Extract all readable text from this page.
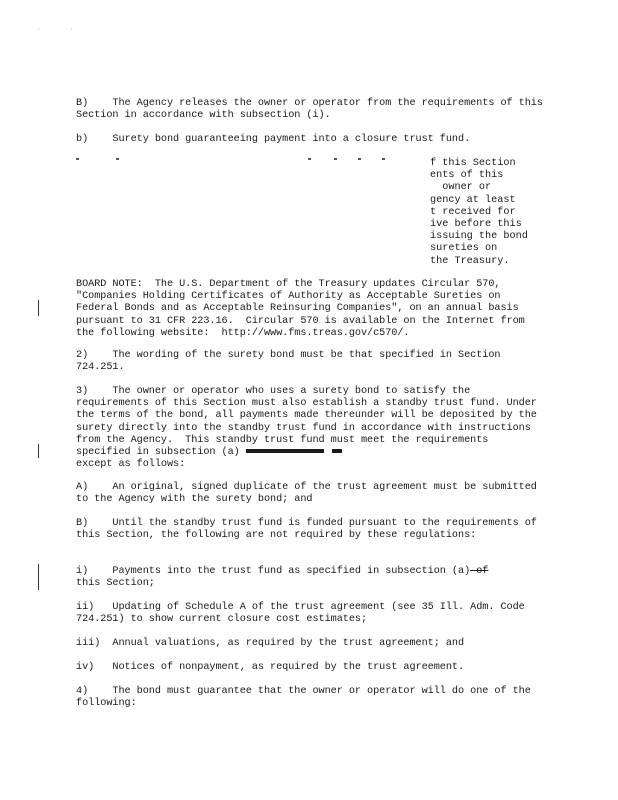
·        ·
B)    The Agency releases the owner or operator from the requirements of this Section in accordance with subsection (i).
b)    Surety bond guaranteeing payment into a closure trust fund.
f this Section
ents of this
owner or
gency at least
t received for
ive before this
issuing the bond
sureties on
the Treasury.
BOARD NOTE:  The U.S. Department of the Treasury updates Circular 570, "Companies Holding Certificates of Authority as Acceptable Sureties on Federal Bonds and as Acceptable Reinsuring Companies", on an annual basis pursuant to 31 CFR 223.16.  Circular 570 is available on the Internet from the following website:  http://www.fms.treas.gov/c570/.
2)    The wording of the surety bond must be that specified in Section 724.251.
3)    The owner or operator who uses a surety bond to satisfy the requirements of this Section must also establish a standby trust fund. Under the terms of the bond, all payments made thereunder will be deposited by the surety directly into the standby trust fund in accordance with instructions from the Agency.  This standby trust fund must meet the requirements specified in subsection (a)
except as follows:
A)    An original, signed duplicate of the trust agreement must be submitted to the Agency with the surety bond; and
B)    Until the standby trust fund is funded pursuant to the requirements of this Section, the following are not required by these regulations:
i)    Payments into the trust fund as specified in subsection (a) of
this Section;
ii)   Updating of Schedule A of the trust agreement (see 35 Ill. Adm. Code 724.251) to show current closure cost estimates;
iii)  Annual valuations, as required by the trust agreement; and
iv)   Notices of nonpayment, as required by the trust agreement.
4)    The bond must guarantee that the owner or operator will do one of the following:
